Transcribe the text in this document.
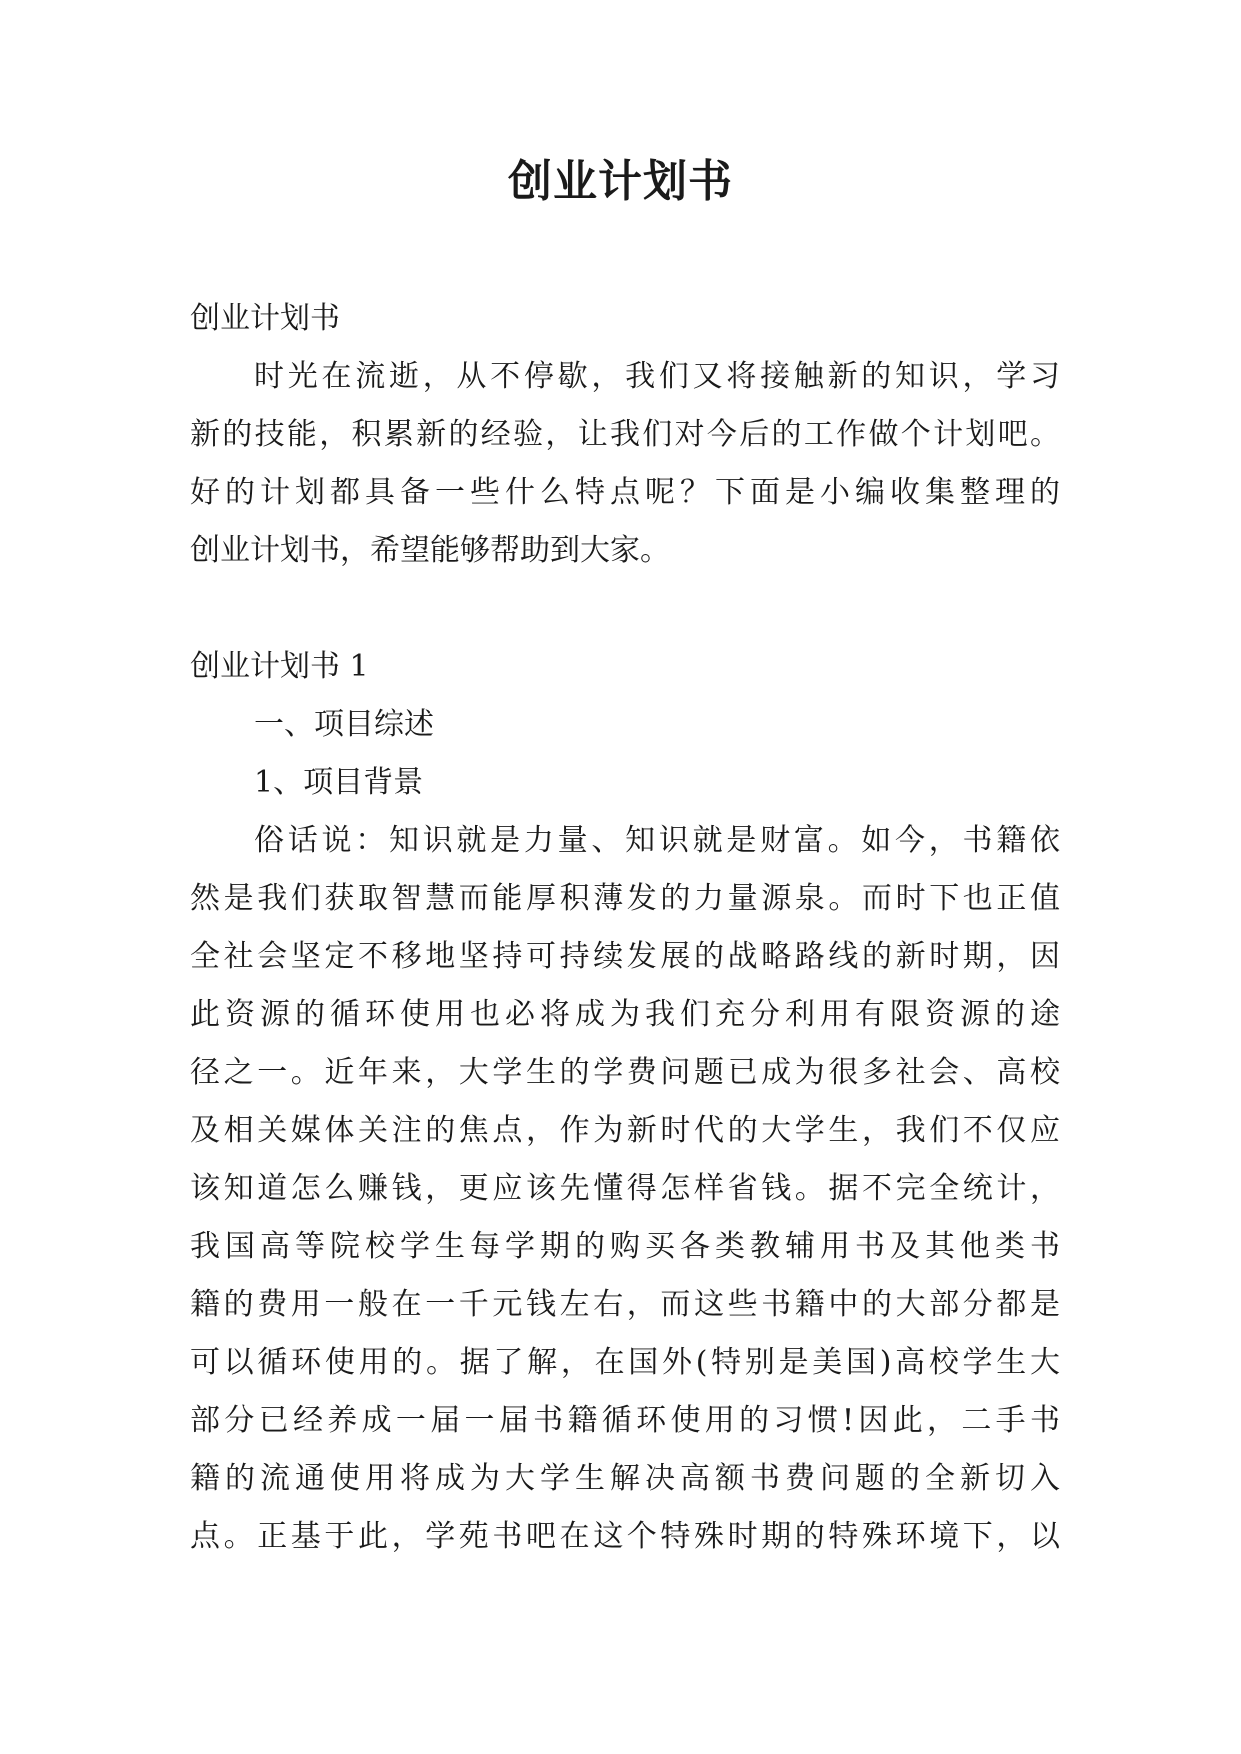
创业计划书
创业计划书
时光在流逝，从不停歇，我们又将接触新的知识，学习
新的技能，积累新的经验，让我们对今后的工作做个计划吧。
好的计划都具备一些什么特点呢？下面是小编收集整理的
创业计划书，希望能够帮助到大家。
创业计划书 1
一、项目综述
1、项目背景
俗话说：知识就是力量、知识就是财富。如今，书籍依
然是我们获取智慧而能厚积薄发的力量源泉。而时下也正值
全社会坚定不移地坚持可持续发展的战略路线的新时期，因
此资源的循环使用也必将成为我们充分利用有限资源的途
径之一。近年来，大学生的学费问题已成为很多社会、高校
及相关媒体关注的焦点，作为新时代的大学生，我们不仅应
该知道怎么赚钱，更应该先懂得怎样省钱。据不完全统计，
我国高等院校学生每学期的购买各类教辅用书及其他类书
籍的费用一般在一千元钱左右，而这些书籍中的大部分都是
可以循环使用的。据了解，在国外(特别是美国)高校学生大
部分已经养成一届一届书籍循环使用的习惯!因此，二手书
籍的流通使用将成为大学生解决高额书费问题的全新切入
点。正基于此，学苑书吧在这个特殊时期的特殊环境下，以
